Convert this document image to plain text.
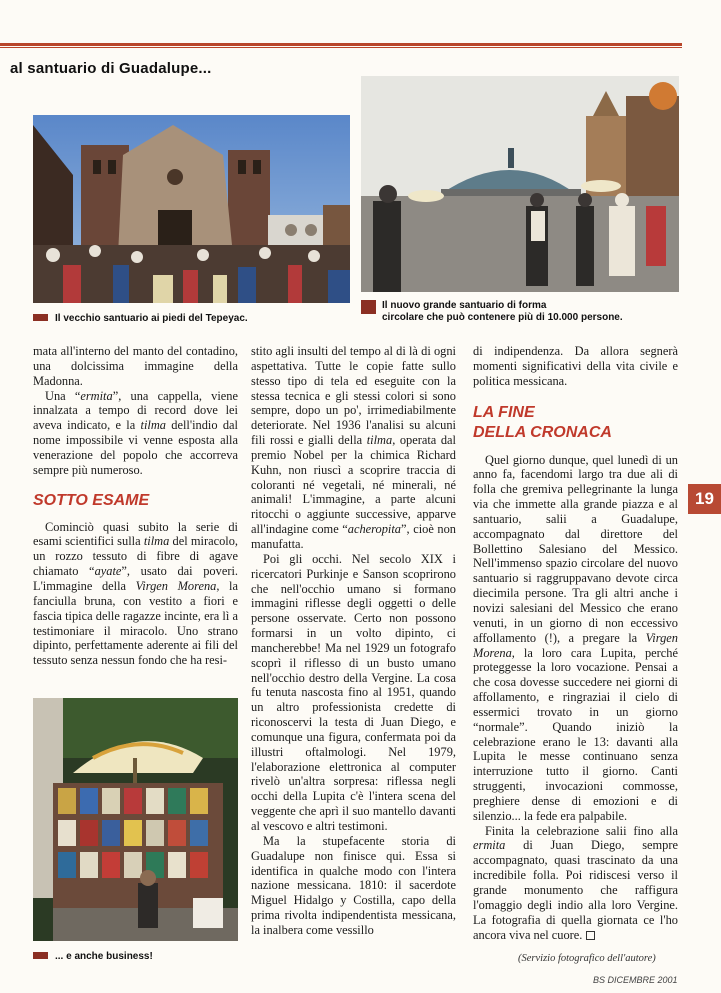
al santuario di Guadalupe...
Il vecchio santuario ai piedi del Tepeyac.
Il nuovo grande santuario di forma
circolare che può contenere più di 10.000 persone.

mata all'interno del manto del contadino, una dolcissima immagine della Madonna.

Una “ermita”, una cappella, viene innalzata a tempo di record dove lei aveva indicato, e la tilma dell'indio dal nome impossibile vi venne esposta alla venerazione del popolo che accorreva sempre più numeroso.

SOTTO ESAME

Cominciò quasi subito la serie di esami scientifici sulla tilma del miracolo, un rozzo tessuto di fibre di agave chiamato “ayate”, usato dai poveri. L'immagine della Virgen Morena, la fanciulla bruna, con vestito a fiori e fascia tipica delle ragazze incinte, era lì a testimoniare il miracolo. Uno strano dipinto, perfettamente aderente ai fili del tessuto senza nessun fondo che ha resi-

... e anche business!

stito agli insulti del tempo al di là di ogni aspettativa. Tutte le copie fatte sullo stesso tipo di tela ed eseguite con la stessa tecnica e gli stessi colori si sono sempre, dopo un po', irrimediabilmente deteriorate. Nel 1936 l'analisi su alcuni fili rossi e gialli della tilma, operata dal premio Nobel per la chimica Richard Kuhn, non riuscì a scoprire traccia di coloranti né vegetali, né minerali, né animali! L'immagine, a parte alcuni ritocchi o aggiunte successive, apparve all'indagine come “acheropita”, cioè non manufatta.

Poi gli occhi. Nel secolo XIX i ricercatori Purkinje e Sanson scoprirono che nell'occhio umano si formano immagini riflesse degli oggetti o delle persone osservate. Certo non possono formarsi in un volto dipinto, ci mancherebbe! Ma nel 1929 un fotografo scoprì il riflesso di un busto umano nell'occhio destro della Vergine. La cosa fu tenuta nascosta fino al 1951, quando un altro professionista credette di riconoscervi la testa di Juan Diego, e comunque una figura, confermata poi da illustri oftalmologi. Nel 1979, l'elaborazione elettronica al computer rivelò un'altra sorpresa: riflessa negli occhi della Lupita c'è l'intera scena del veggente che aprì il suo mantello davanti al vescovo e altri testimoni.

Ma la stupefacente storia di Guadalupe non finisce qui. Essa si identifica in qualche modo con l'intera nazione messicana. 1810: il sacerdote Miguel Hidalgo y Costilla, capo della prima rivolta indipendentista messicana, la inalbera come vessillo

di indipendenza. Da allora segnerà momenti significativi della vita civile e politica messicana.

LA FINE
DELLA CRONACA

Quel giorno dunque, quel lunedì di un anno fa, facendomi largo tra due ali di folla che gremiva pellegrinante la lunga via che immette alla grande piazza e al santuario, salii a Guadalupe, accompagnato dal direttore del Bollettino Salesiano del Messico. Nell'immenso spazio circolare del nuovo santuario si raggruppavano devote circa diecimila persone. Tra gli altri anche i novizi salesiani del Messico che erano venuti, in un giorno di non eccessivo affollamento (!), a pregare la Virgen Morena, la loro cara Lupita, perché proteggesse la loro vocazione. Pensai a che cosa dovesse succedere nei giorni di affollamento, e ringraziai il cielo di essermici trovato in un giorno “normale”. Quando iniziò la celebrazione erano le 13: davanti alla Lupita le messe continuano senza interruzione tutto il giorno. Canti struggenti, invocazioni commosse, preghiere dense di emozioni e di silenzio... la fede era palpabile.

Finita la celebrazione salii fino alla ermita di Juan Diego, sempre accompagnato, quasi trascinato da una incredibile folla. Poi ridiscesi verso il grande monumento che raffigura l'omaggio degli indio alla loro Vergine. La fotografia di quella giornata ce l'ho ancora viva nel cuore.

19
(Servizio fotografico dell'autore)
BS DICEMBRE 2001
